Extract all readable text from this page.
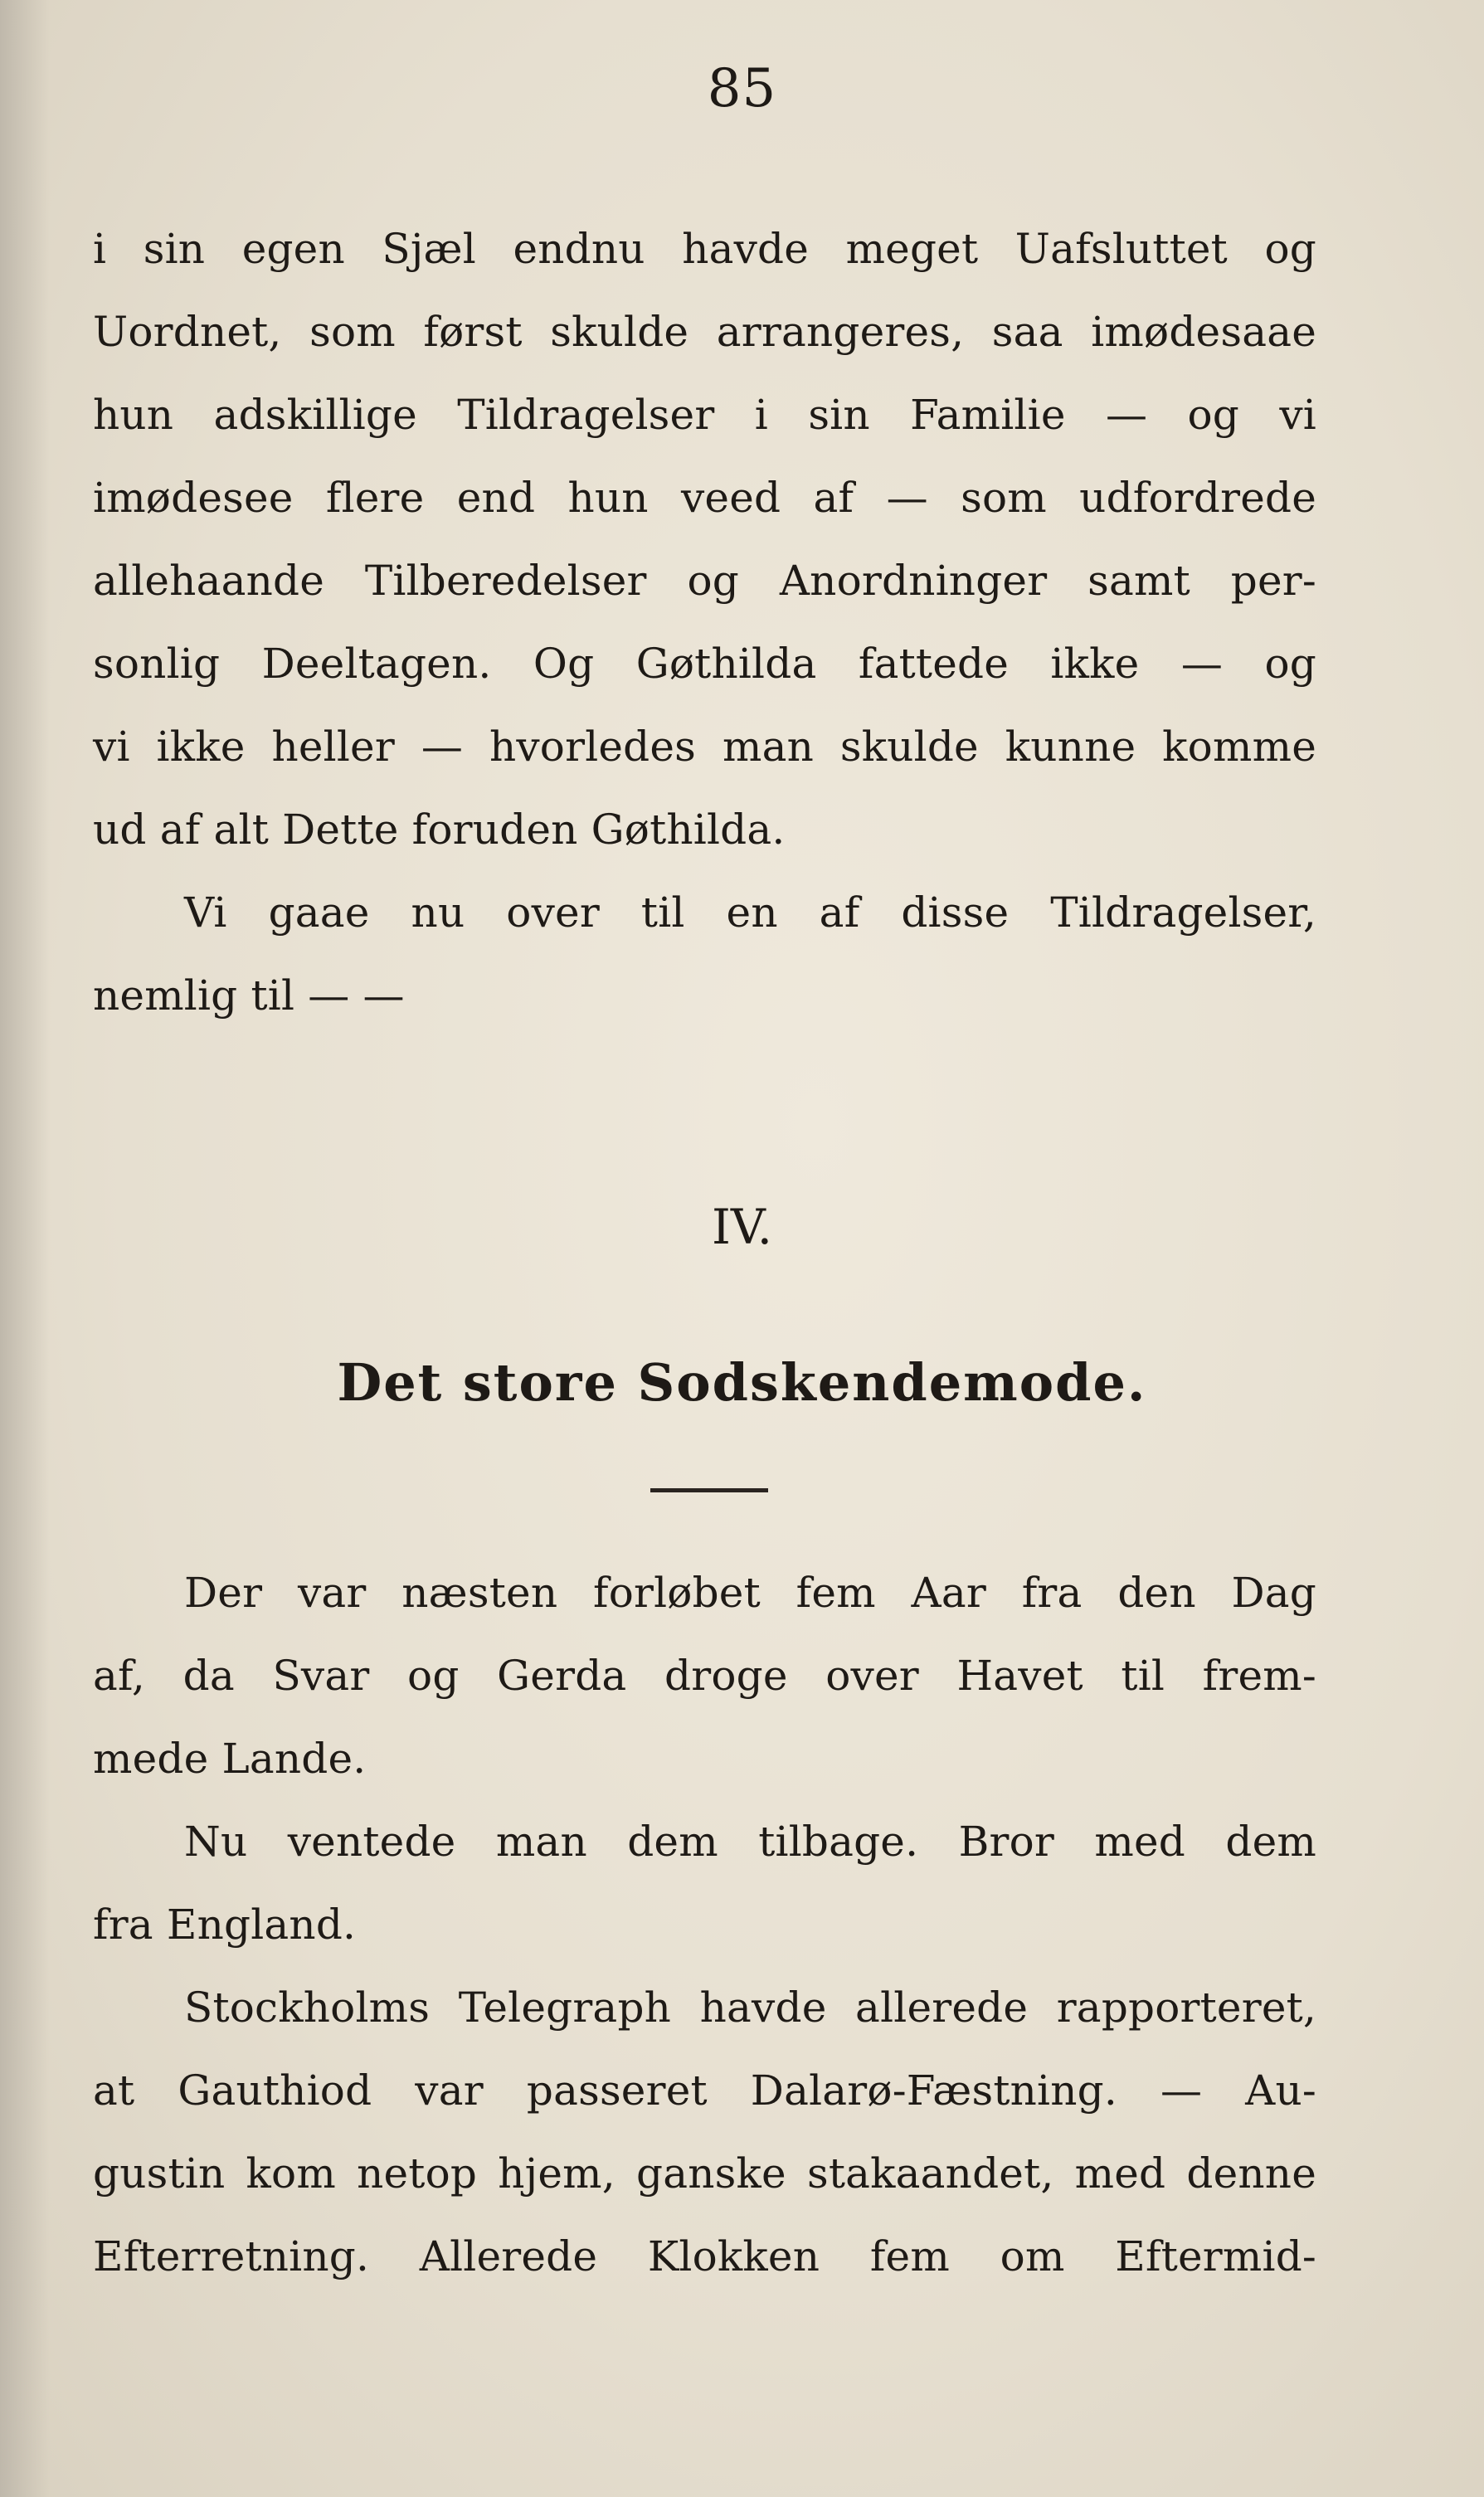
85
i sin egen Sjæl endnu havde meget Uafsluttet og
Uordnet, som først skulde arrangeres, saa imødesaae
hun adskillige Tildragelser i sin Familie — og vi
imødesee flere end hun veed af — som udfordrede
allehaande Tilberedelser og Anordninger samt per-
sonlig Deeltagen. Og Gøthilda fattede ikke — og
vi ikke heller — hvorledes man skulde kunne komme
ud af alt Dette foruden Gøthilda.
Vi gaae nu over til en af disse Tildragelser,
nemlig til — —
IV.
Det store Sodskendemode.
Der var næsten forløbet fem Aar fra den Dag
af, da Svar og Gerda droge over Havet til frem-
mede Lande.
Nu ventede man dem tilbage. Bror med dem
fra England.
Stockholms Telegraph havde allerede rapporteret,
at Gauthiod var passeret Dalarø-Fæstning. — Au-
gustin kom netop hjem, ganske stakaandet, med denne
Efterretning. Allerede Klokken fem om Eftermid-
